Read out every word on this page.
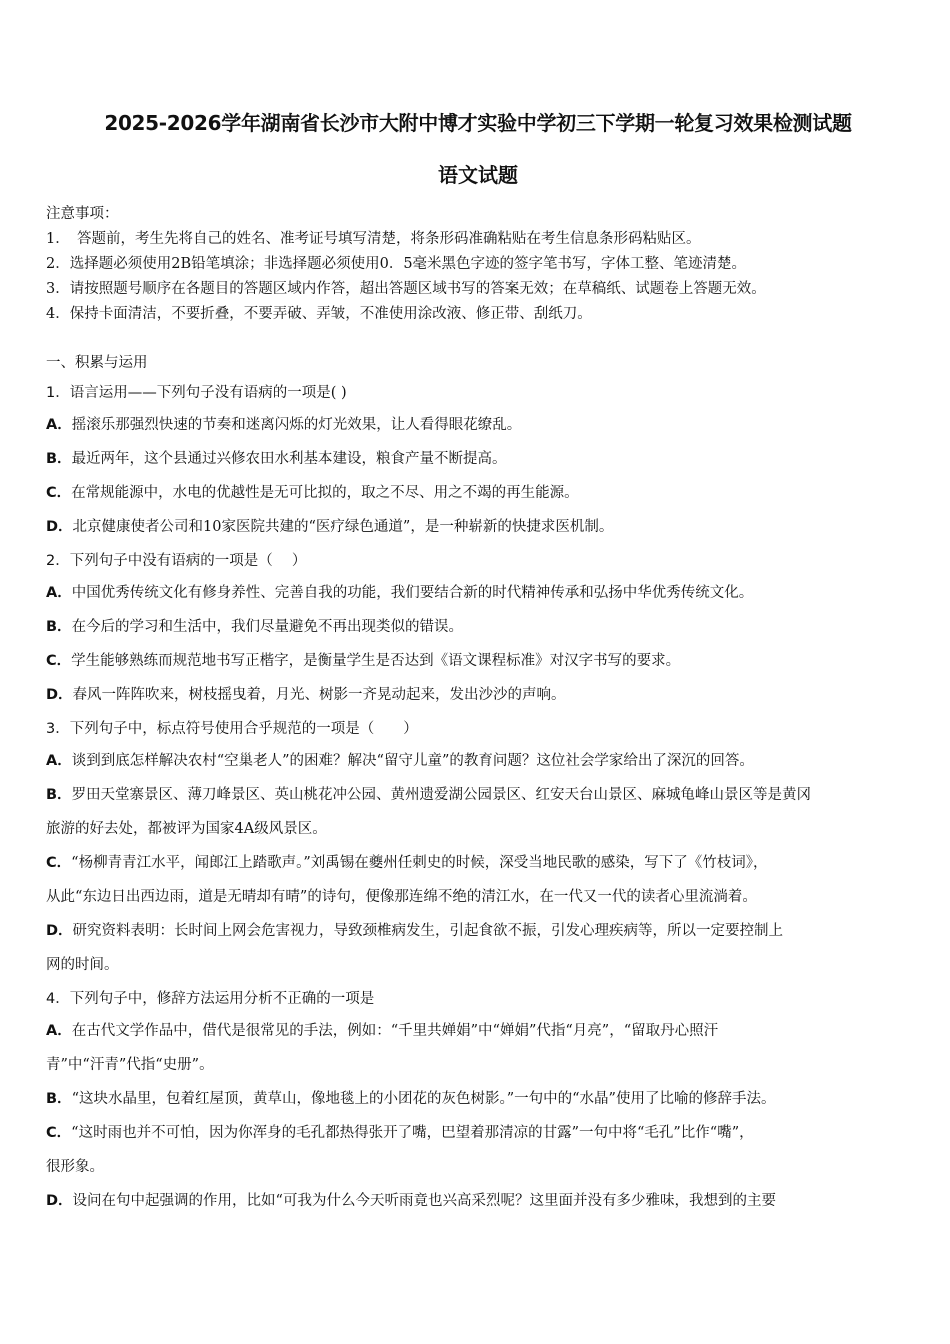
2025-2026学年湖南省长沙市大附中博才实验中学初三下学期一轮复习效果检测试题
语文试题
注意事项：
1．　答题前，考生先将自己的姓名、准考证号填写清楚，将条形码准确粘贴在考生信息条形码粘贴区。
2．选择题必须使用2B铅笔填涂；非选择题必须使用0．5毫米黑色字迹的签字笔书写，字体工整、笔迹清楚。
3．请按照题号顺序在各题目的答题区域内作答，超出答题区域书写的答案无效；在草稿纸、试题卷上答题无效。
4．保持卡面清洁，不要折叠，不要弄破、弄皱，不准使用涂改液、修正带、刮纸刀。
一、积累与运用
1．语言运用——下列句子没有语病的一项是( )
A．摇滚乐那强烈快速的节奏和迷离闪烁的灯光效果，让人看得眼花缭乱。
B．最近两年，这个县通过兴修农田水利基本建设，粮食产量不断提高。
C．在常规能源中，水电的优越性是无可比拟的，取之不尽、用之不竭的再生能源。
D．北京健康使者公司和10家医院共建的“医疗绿色通道”，是一种崭新的快捷求医机制。
2．下列句子中没有语病的一项是（　 ）
A．中国优秀传统文化有修身养性、完善自我的功能，我们要结合新的时代精神传承和弘扬中华优秀传统文化。
B．在今后的学习和生活中，我们尽量避免不再出现类似的错误。
C．学生能够熟练而规范地书写正楷字，是衡量学生是否达到《语文课程标准》对汉字书写的要求。
D．春风一阵阵吹来，树枝摇曳着，月光、树影一齐晃动起来，发出沙沙的声响。
3．下列句子中，标点符号使用合乎规范的一项是（　　）
A．谈到到底怎样解决农村“空巢老人”的困难？解决“留守儿童”的教育问题？这位社会学家给出了深沉的回答。
B．罗田天堂寨景区、薄刀峰景区、英山桃花冲公园、黄州遗爱湖公园景区、红安天台山景区、麻城龟峰山景区等是黄冈
旅游的好去处，都被评为国家4A级风景区。
C．“杨柳青青江水平，闻郎江上踏歌声。”刘禹锡在夔州任刺史的时候，深受当地民歌的感染，写下了《竹枝词》，
从此“东边日出西边雨，道是无晴却有晴”的诗句，便像那连绵不绝的清江水，在一代又一代的读者心里流淌着。
D．研究资料表明：长时间上网会危害视力，导致颈椎病发生，引起食欲不振，引发心理疾病等，所以一定要控制上
网的时间。
4．下列句子中，修辞方法运用分析不正确的一项是
A．在古代文学作品中，借代是很常见的手法，例如：“千里共婵娟”中“婵娟”代指“月亮”，“留取丹心照汗
青”中“汗青”代指“史册”。
B．“这块水晶里，包着红屋顶，黄草山，像地毯上的小团花的灰色树影。”一句中的“水晶”使用了比喻的修辞手法。
C．“这时雨也并不可怕，因为你浑身的毛孔都热得张开了嘴，巴望着那清凉的甘露”一句中将“毛孔”比作“嘴”，
很形象。
D．设问在句中起强调的作用，比如“可我为什么今天听雨竟也兴高采烈呢？这里面并没有多少雅味，我想到的主要
